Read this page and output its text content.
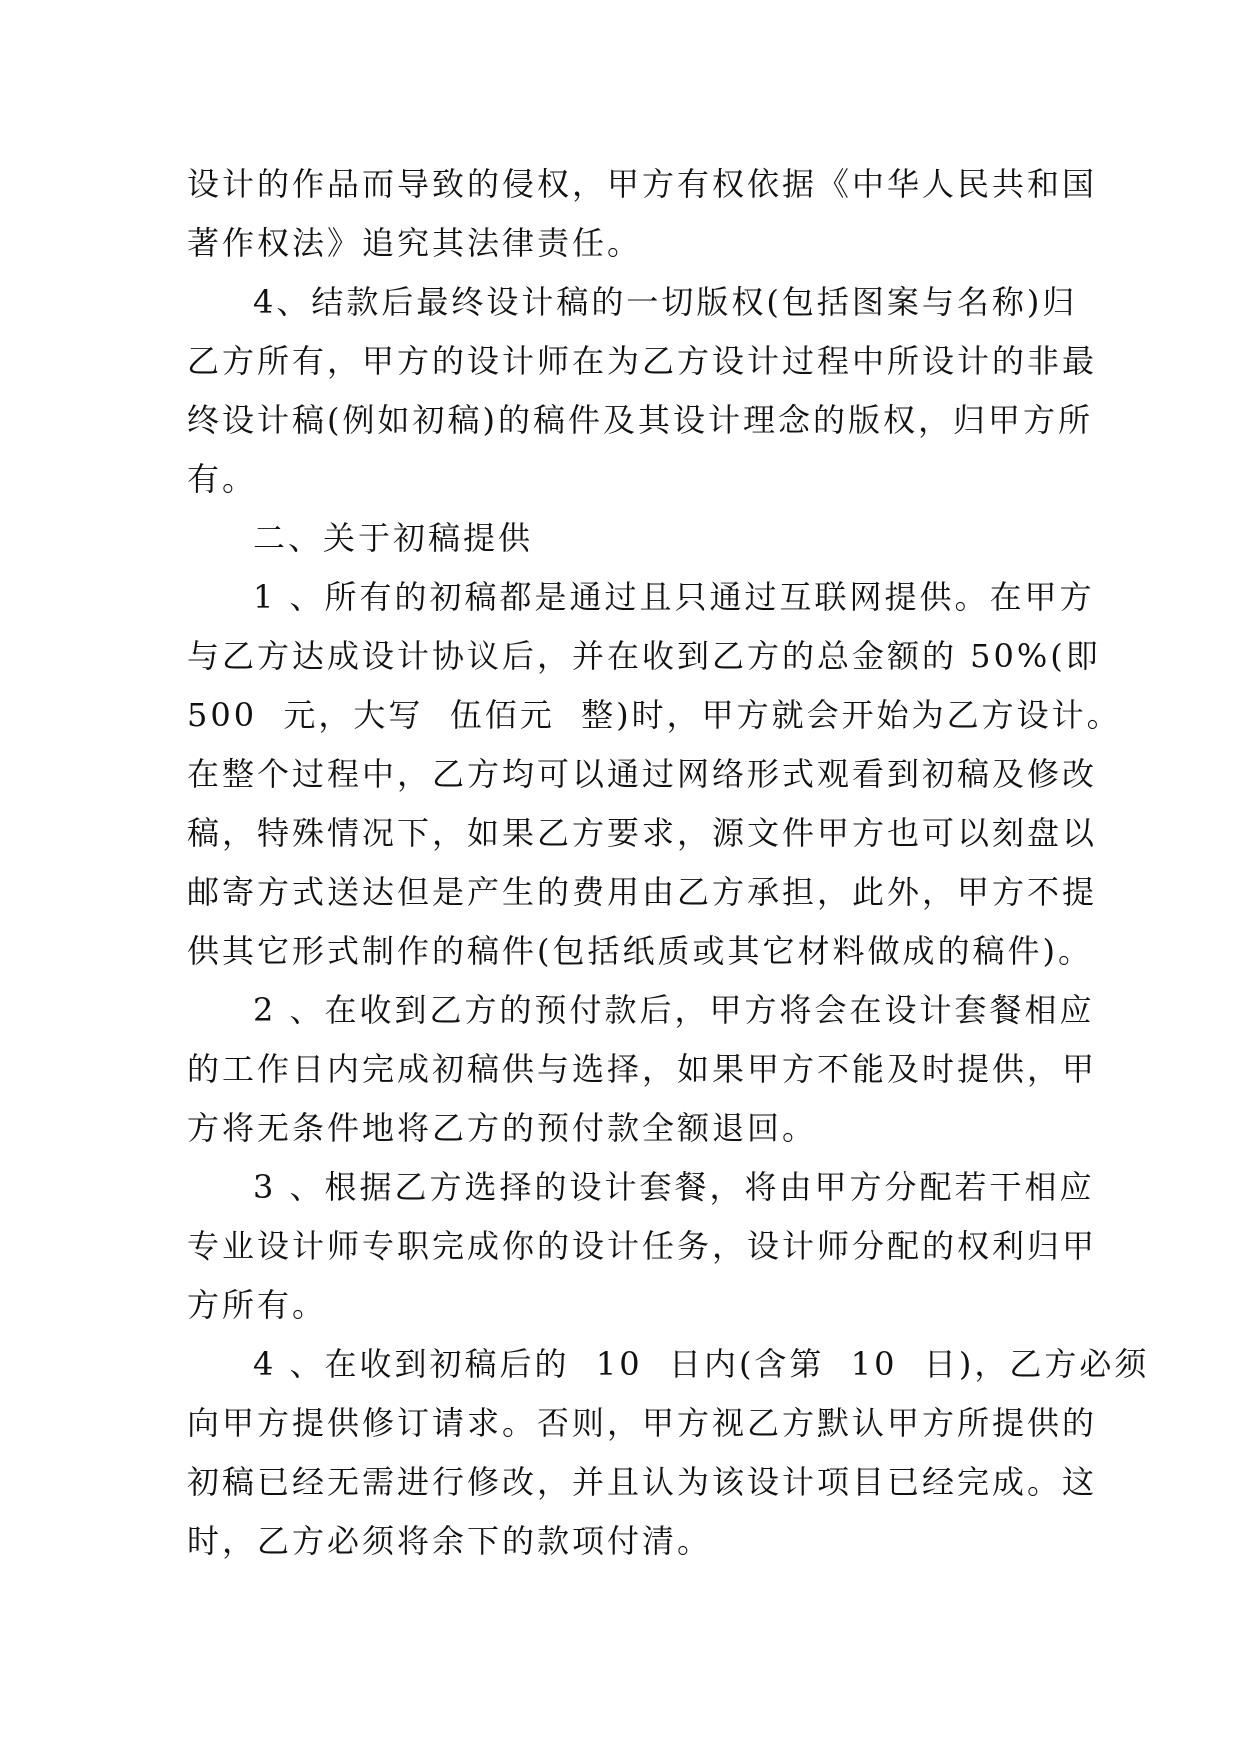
设计的作品而导致的侵权，甲方有权依据《中华人民共和国

著作权法》追究其法律责任。

4、结款后最终设计稿的一切版权(包括图案与名称)归

乙方所有，甲方的设计师在为乙方设计过程中所设计的非最

终设计稿(例如初稿)的稿件及其设计理念的版权，归甲方所

有。

二、关于初稿提供

1 、所有的初稿都是通过且只通过互联网提供。在甲方

与乙方达成设计协议后，并在收到乙方的总金额的 50%(即

500  元，大写  伍佰元  整)时，甲方就会开始为乙方设计。

在整个过程中，乙方均可以通过网络形式观看到初稿及修改

稿，特殊情况下，如果乙方要求，源文件甲方也可以刻盘以

邮寄方式送达但是产生的费用由乙方承担，此外，甲方不提

供其它形式制作的稿件(包括纸质或其它材料做成的稿件)。

2 、在收到乙方的预付款后，甲方将会在设计套餐相应

的工作日内完成初稿供与选择，如果甲方不能及时提供，甲

方将无条件地将乙方的预付款全额退回。

3 、根据乙方选择的设计套餐，将由甲方分配若干相应

专业设计师专职完成你的设计任务，设计师分配的权利归甲

方所有。

4 、在收到初稿后的  10  日内(含第  10  日)，乙方必须

向甲方提供修订请求。否则，甲方视乙方默认甲方所提供的

初稿已经无需进行修改，并且认为该设计项目已经完成。这

时，乙方必须将余下的款项付清。
